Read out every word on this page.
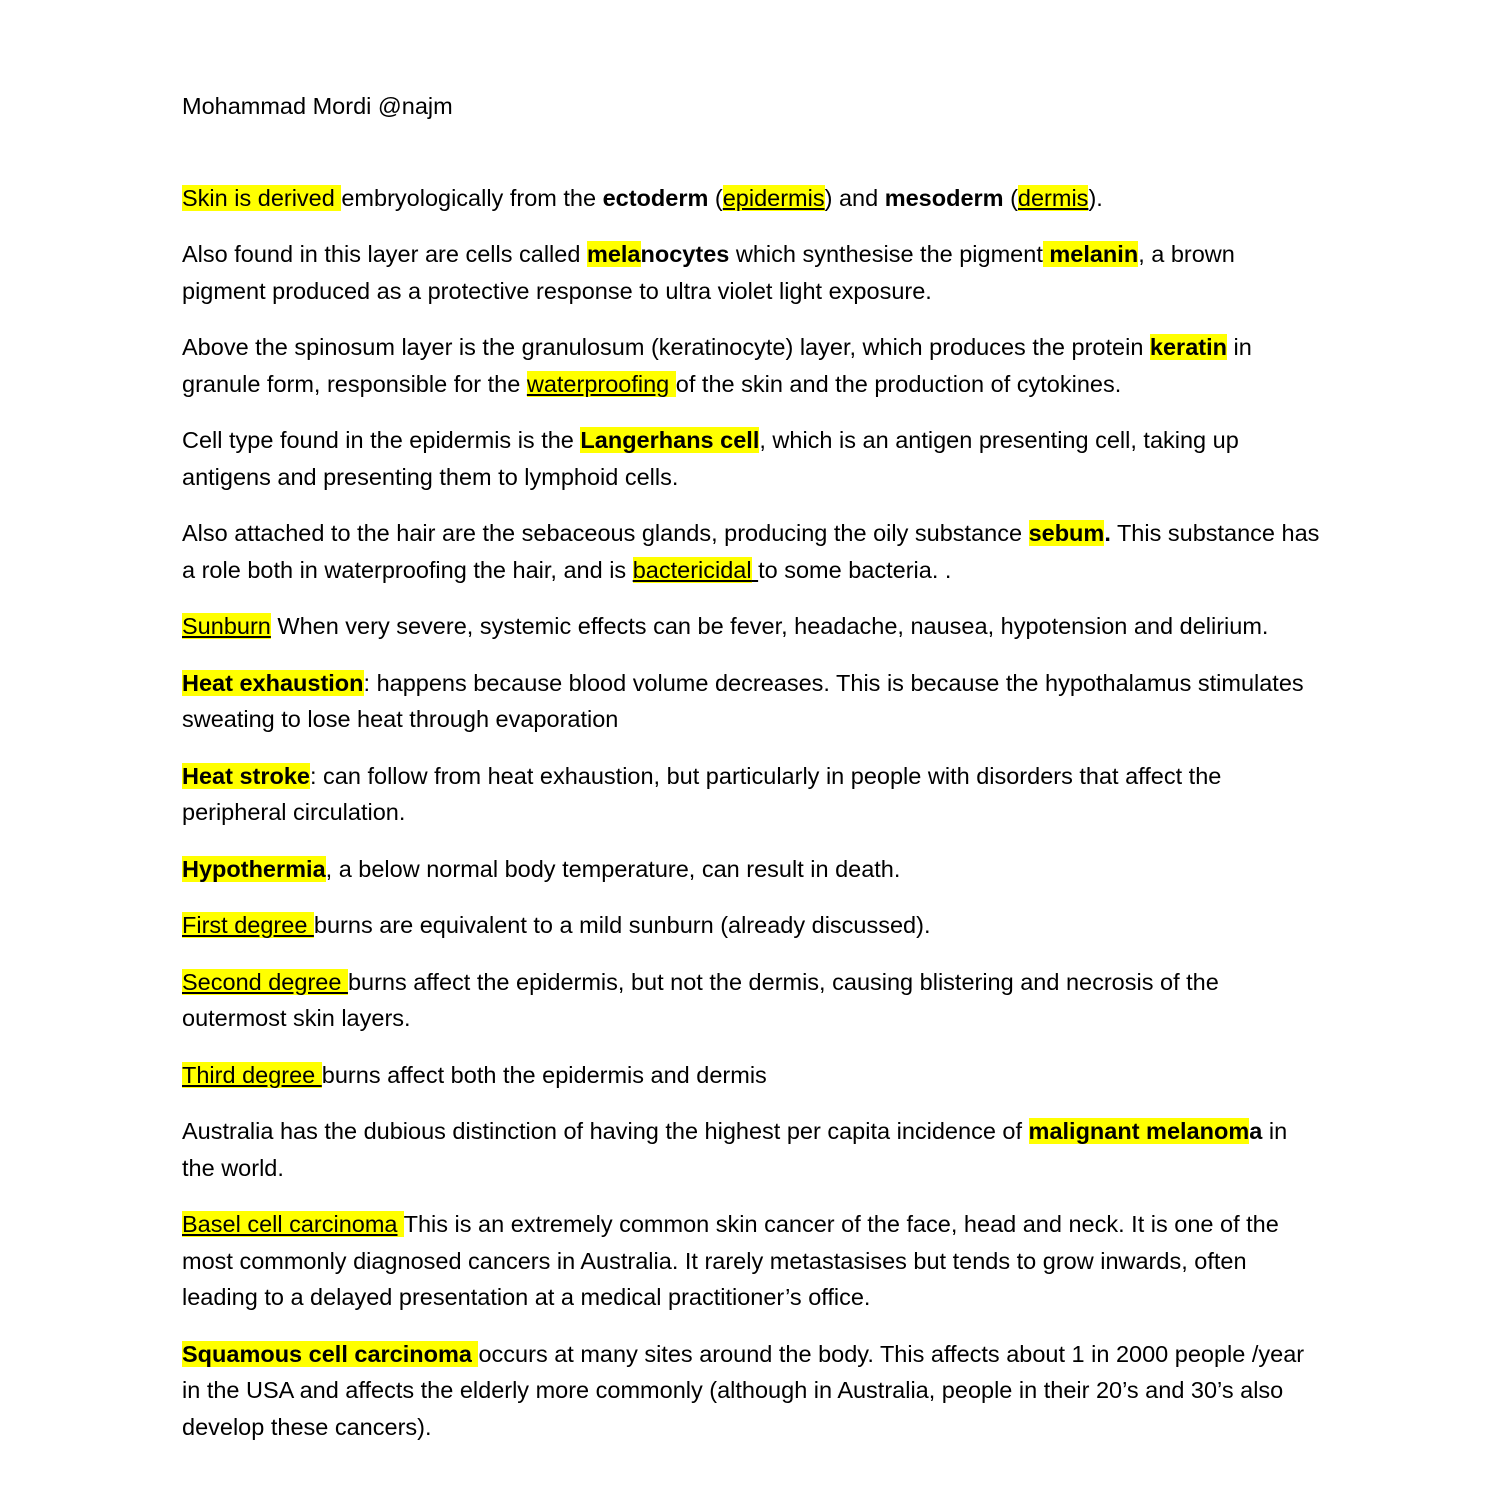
Mohammad Mordi @najm

Skin is derived embryologically from the ectoderm (epidermis) and mesoderm (dermis).

Also found in this layer are cells called melanocytes which synthesise the pigment melanin, a brown pigment produced as a protective response to ultra violet light exposure.

Above the spinosum layer is the granulosum (keratinocyte) layer, which produces the protein keratin in granule form, responsible for the waterproofing of the skin and the production of cytokines.

Cell type found in the epidermis is the Langerhans cell, which is an antigen presenting cell, taking up antigens and presenting them to lymphoid cells.

Also attached to the hair are the sebaceous glands, producing the oily substance sebum. This substance has a role both in waterproofing the hair, and is bactericidal to some bacteria. .

Sunburn When very severe, systemic effects can be fever, headache, nausea, hypotension and delirium.

Heat exhaustion: happens because blood volume decreases. This is because the hypothalamus stimulates sweating to lose heat through evaporation

Heat stroke: can follow from heat exhaustion, but particularly in people with disorders that affect the peripheral circulation.

Hypothermia, a below normal body temperature, can result in death.

First degree burns are equivalent to a mild sunburn (already discussed).

Second degree burns affect the epidermis, but not the dermis, causing blistering and necrosis of the outermost skin layers.

Third degree burns affect both the epidermis and dermis

Australia has the dubious distinction of having the highest per capita incidence of malignant melanoma in the world.

Basel cell carcinoma This is an extremely common skin cancer of the face, head and neck. It is one of the most commonly diagnosed cancers in Australia. It rarely metastasises but tends to grow inwards, often leading to a delayed presentation at a medical practitioner’s office.

Squamous cell carcinoma occurs at many sites around the body. This affects about 1 in 2000 people /year in the USA and affects the elderly more commonly (although in Australia, people in their 20’s and 30’s also develop these cancers).
